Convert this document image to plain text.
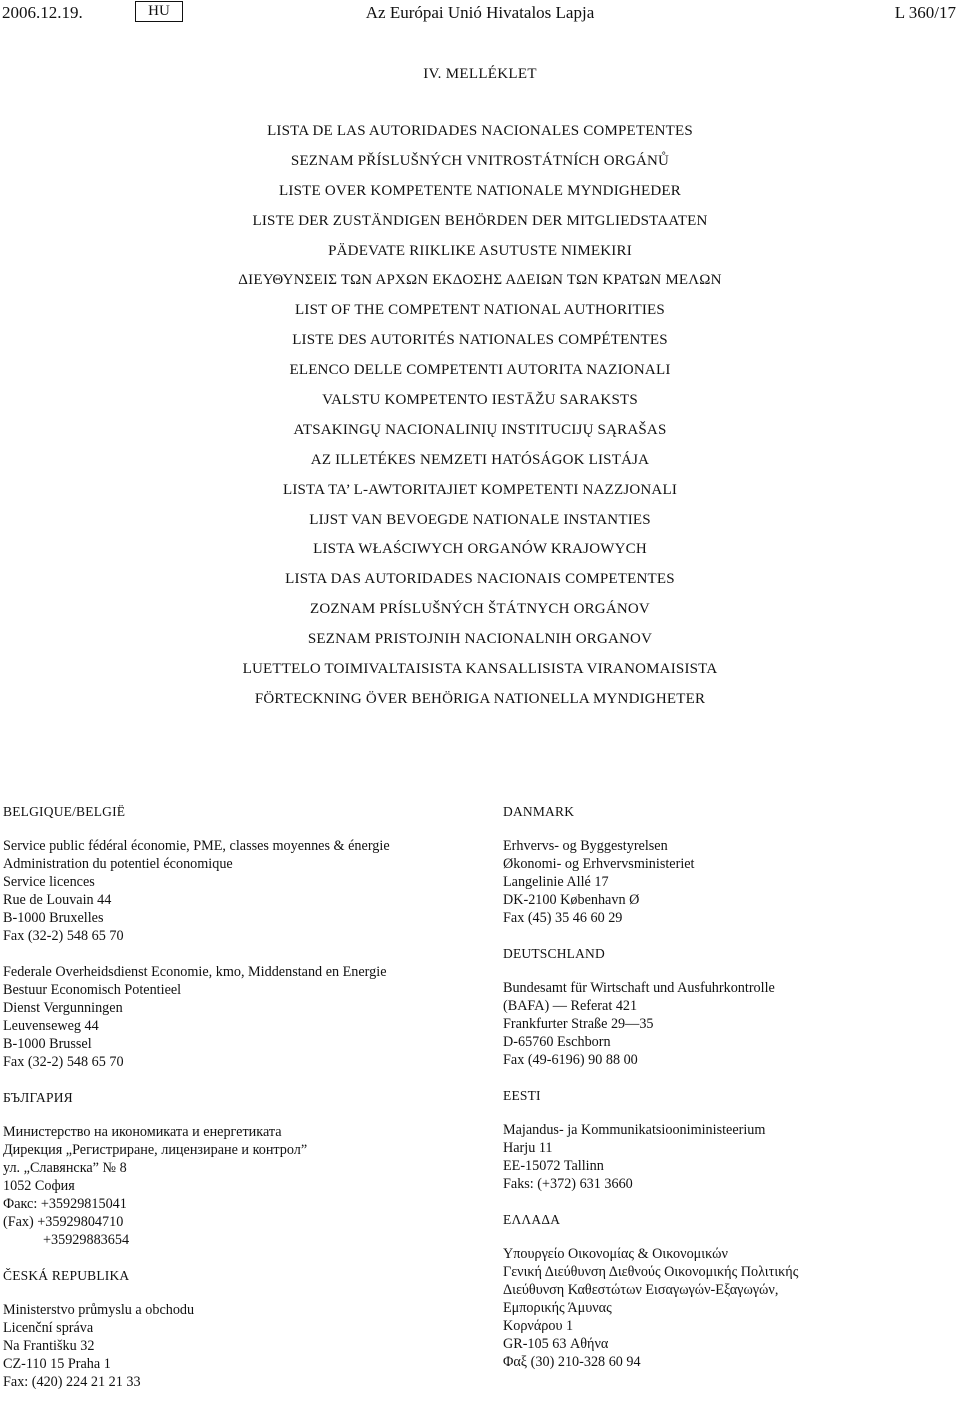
2006.12.19.	HU	Az Európai Unió Hivatalos Lapja	L 360/17
IV. MELLÉKLET
LISTA DE LAS AUTORIDADES NACIONALES COMPETENTES
SEZNAM PŘÍSLUŠNÝCH VNITROSTÁTNÍCH ORGÁNŮ
LISTE OVER KOMPETENTE NATIONALE MYNDIGHEDER
LISTE DER ZUSTÄNDIGEN BEHÖRDEN DER MITGLIEDSTAATEN
PÄDEVATE RIIKLIKE ASUTUSTE NIMEKIRI
ΔΙΕΥΘΥΝΣΕΙΣ ΤΩΝ ΑΡΧΩΝ ΕΚΔΟΣΗΣ ΑΔΕΙΩΝ ΤΩΝ ΚΡΑΤΩΝ ΜΕΛΩΝ
LIST OF THE COMPETENT NATIONAL AUTHORITIES
LISTE DES AUTORITÉS NATIONALES COMPÉTENTES
ELENCO DELLE COMPETENTI AUTORITA NAZIONALI
VALSTU KOMPETENTO IESTĀŽU SARAKSTS
ATSAKINGŲ NACIONALINIŲ INSTITUCIJŲ SĄRAŠAS
AZ ILLETÉKES NEMZETI HATÓSÁGOK LISTÁJA
LISTA TA’ L-AWTORITAJIET KOMPETENTI NAZZJONALI
LIJST VAN BEVOEGDE NATIONALE INSTANTIES
LISTA WŁAŚCIWYCH ORGANÓW KRAJOWYCH
LISTA DAS AUTORIDADES NACIONAIS COMPETENTES
ZOZNAM PRÍSLUŠNÝCH ŠTÁTNYCH ORGÁNOV
SEZNAM PRISTOJNIH NACIONALNIH ORGANOV
LUETTELO TOIMIVALTAISISTA KANSALLISISTA VIRANOMAISISTA
FÖRTECKNING ÖVER BEHÖRIGA NATIONELLA MYNDIGHETER
BELGIQUE/BELGIË
Service public fédéral économie, PME, classes moyennes & énergie
Administration du potentiel économique
Service licences
Rue de Louvain 44
B-1000 Bruxelles
Fax (32-2) 548 65 70
Federale Overheidsdienst Economie, kmo, Middenstand en Energie
Bestuur Economisch Potentieel
Dienst Vergunningen
Leuvenseweg 44
B-1000 Brussel
Fax (32-2) 548 65 70
БЪЛГАРИЯ
Министерство на икономиката и енергетиката
Дирекция „Регистриране, лицензиране и контрол”
ул. „Славянска” № 8
1052 София
Факс: +35929815041
(Fax) +35929804710
+35929883654
ČESKÁ REPUBLIKA
Ministerstvo průmyslu a obchodu
Licenční správa
Na Františku 32
CZ-110 15 Praha 1
Fax: (420) 224 21 21 33
DANMARK
Erhvervs- og Byggestyrelsen
Økonomi- og Erhvervsministeriet
Langelinie Allé 17
DK-2100 København Ø
Fax (45) 35 46 60 29
DEUTSCHLAND
Bundesamt für Wirtschaft und Ausfuhrkontrolle
(BAFA) — Referat 421
Frankfurter Straße 29—35
D-65760 Eschborn
Fax (49-6196) 90 88 00
EESTI
Majandus- ja Kommunikatsiooniministeerium
Harju 11
EE-15072 Tallinn
Faks: (+372) 631 3660
ΕΛΛΑΔΑ
Υπουργείο Οικονομίας & Οικονομικών
Γενική Διεύθυνση Διεθνούς Οικονομικής Πολιτικής
Διεύθυνση Καθεστώτων Εισαγωγών-Εξαγωγών,
Εμπορικής Άμυνας
Κορνάρου 1
GR-105 63 Αθήνα
Φαξ (30) 210-328 60 94
